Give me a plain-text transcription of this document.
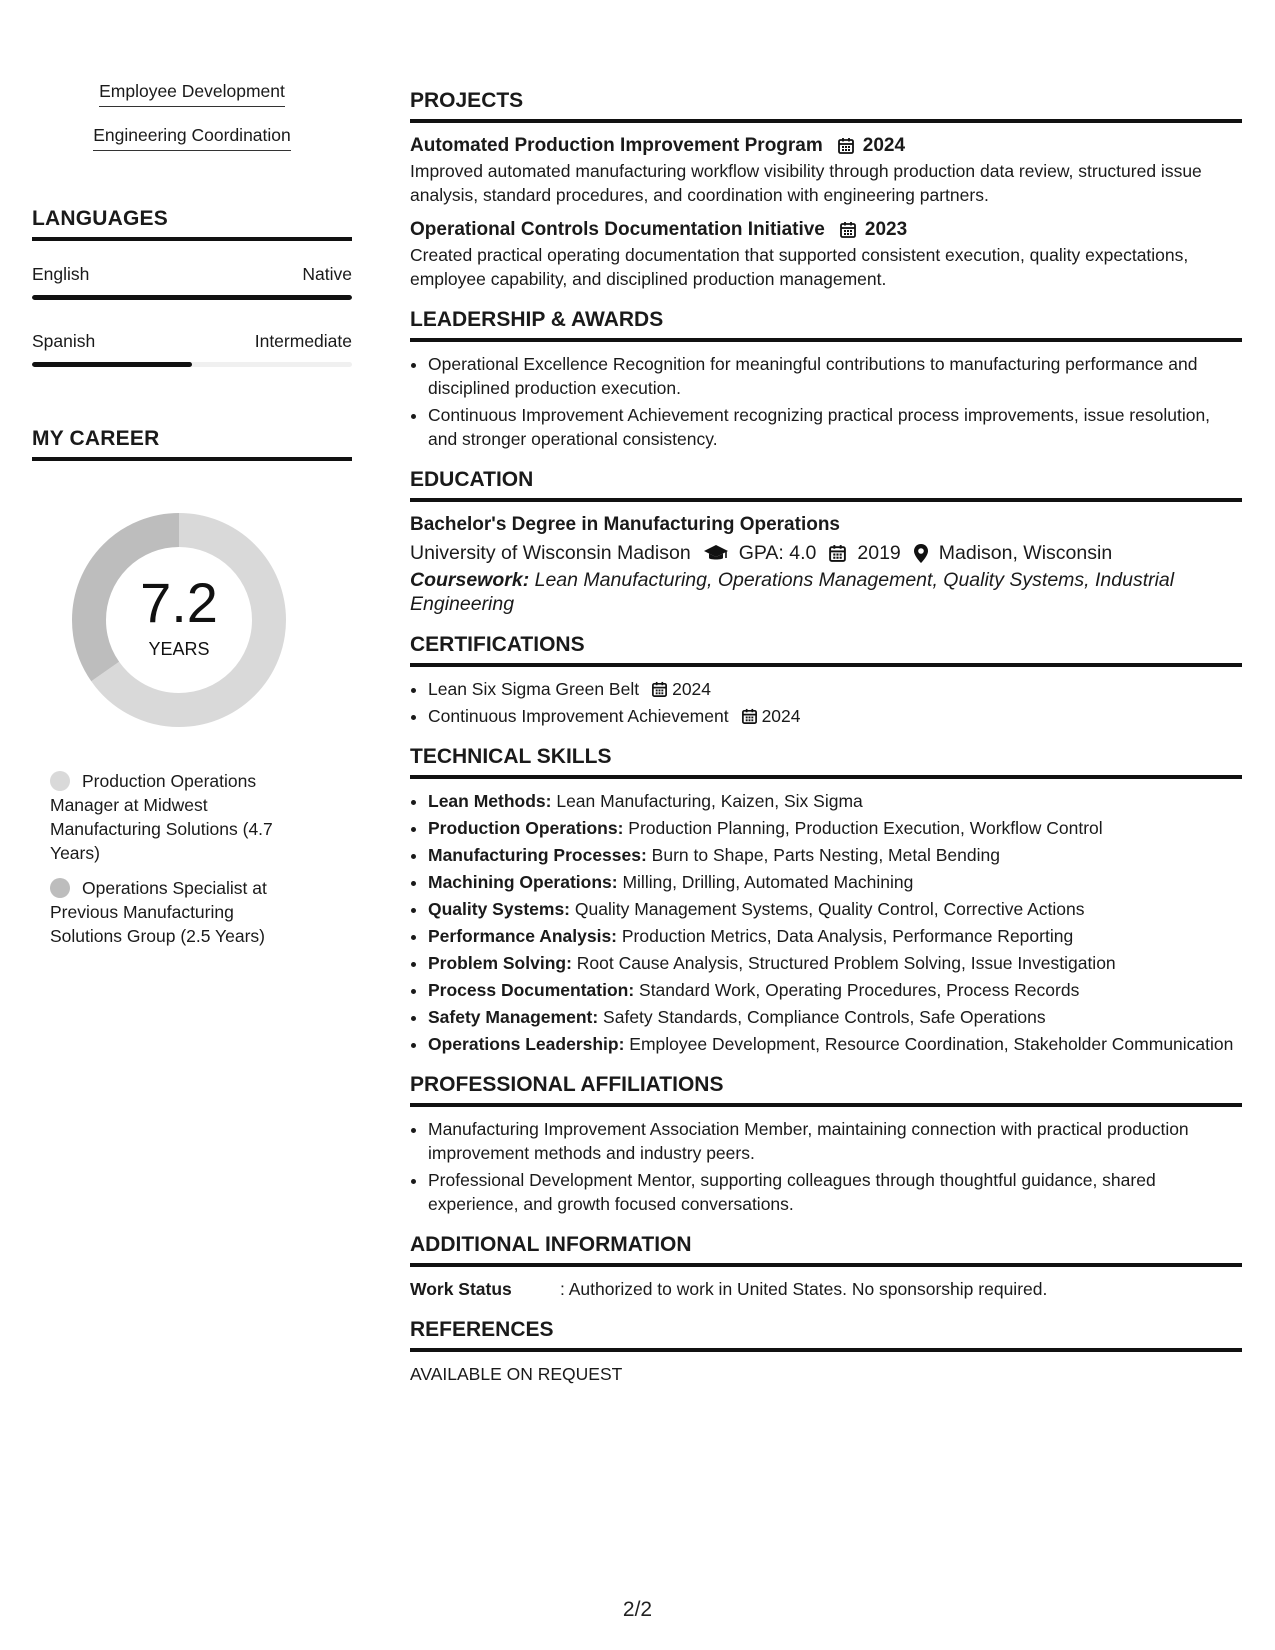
Employee Development
Engineering Coordination
LANGUAGES
English	Native
Spanish	Intermediate
MY CAREER
7.2
YEARS
Production Operations Manager at Midwest Manufacturing Solutions (4.7 Years)
Operations Specialist at Previous Manufacturing Solutions Group (2.5 Years)
PROJECTS
Automated Production Improvement Program 2024
Improved automated manufacturing workflow visibility through production data review, structured issue analysis, standard procedures, and coordination with engineering partners.
Operational Controls Documentation Initiative 2023
Created practical operating documentation that supported consistent execution, quality expectations, employee capability, and disciplined production management.
LEADERSHIP & AWARDS
• Operational Excellence Recognition for meaningful contributions to manufacturing performance and disciplined production execution.
• Continuous Improvement Achievement recognizing practical process improvements, issue resolution, and stronger operational consistency.
EDUCATION
Bachelor's Degree in Manufacturing Operations
University of Wisconsin Madison GPA: 4.0 2019 Madison, Wisconsin
Coursework: Lean Manufacturing, Operations Management, Quality Systems, Industrial Engineering
CERTIFICATIONS
• Lean Six Sigma Green Belt 2024
• Continuous Improvement Achievement 2024
TECHNICAL SKILLS
• Lean Methods: Lean Manufacturing, Kaizen, Six Sigma
• Production Operations: Production Planning, Production Execution, Workflow Control
• Manufacturing Processes: Burn to Shape, Parts Nesting, Metal Bending
• Machining Operations: Milling, Drilling, Automated Machining
• Quality Systems: Quality Management Systems, Quality Control, Corrective Actions
• Performance Analysis: Production Metrics, Data Analysis, Performance Reporting
• Problem Solving: Root Cause Analysis, Structured Problem Solving, Issue Investigation
• Process Documentation: Standard Work, Operating Procedures, Process Records
• Safety Management: Safety Standards, Compliance Controls, Safe Operations
• Operations Leadership: Employee Development, Resource Coordination, Stakeholder Communication
PROFESSIONAL AFFILIATIONS
• Manufacturing Improvement Association Member, maintaining connection with practical production improvement methods and industry peers.
• Professional Development Mentor, supporting colleagues through thoughtful guidance, shared experience, and growth focused conversations.
ADDITIONAL INFORMATION
Work Status	: Authorized to work in United States. No sponsorship required.
REFERENCES
AVAILABLE ON REQUEST
2/2
